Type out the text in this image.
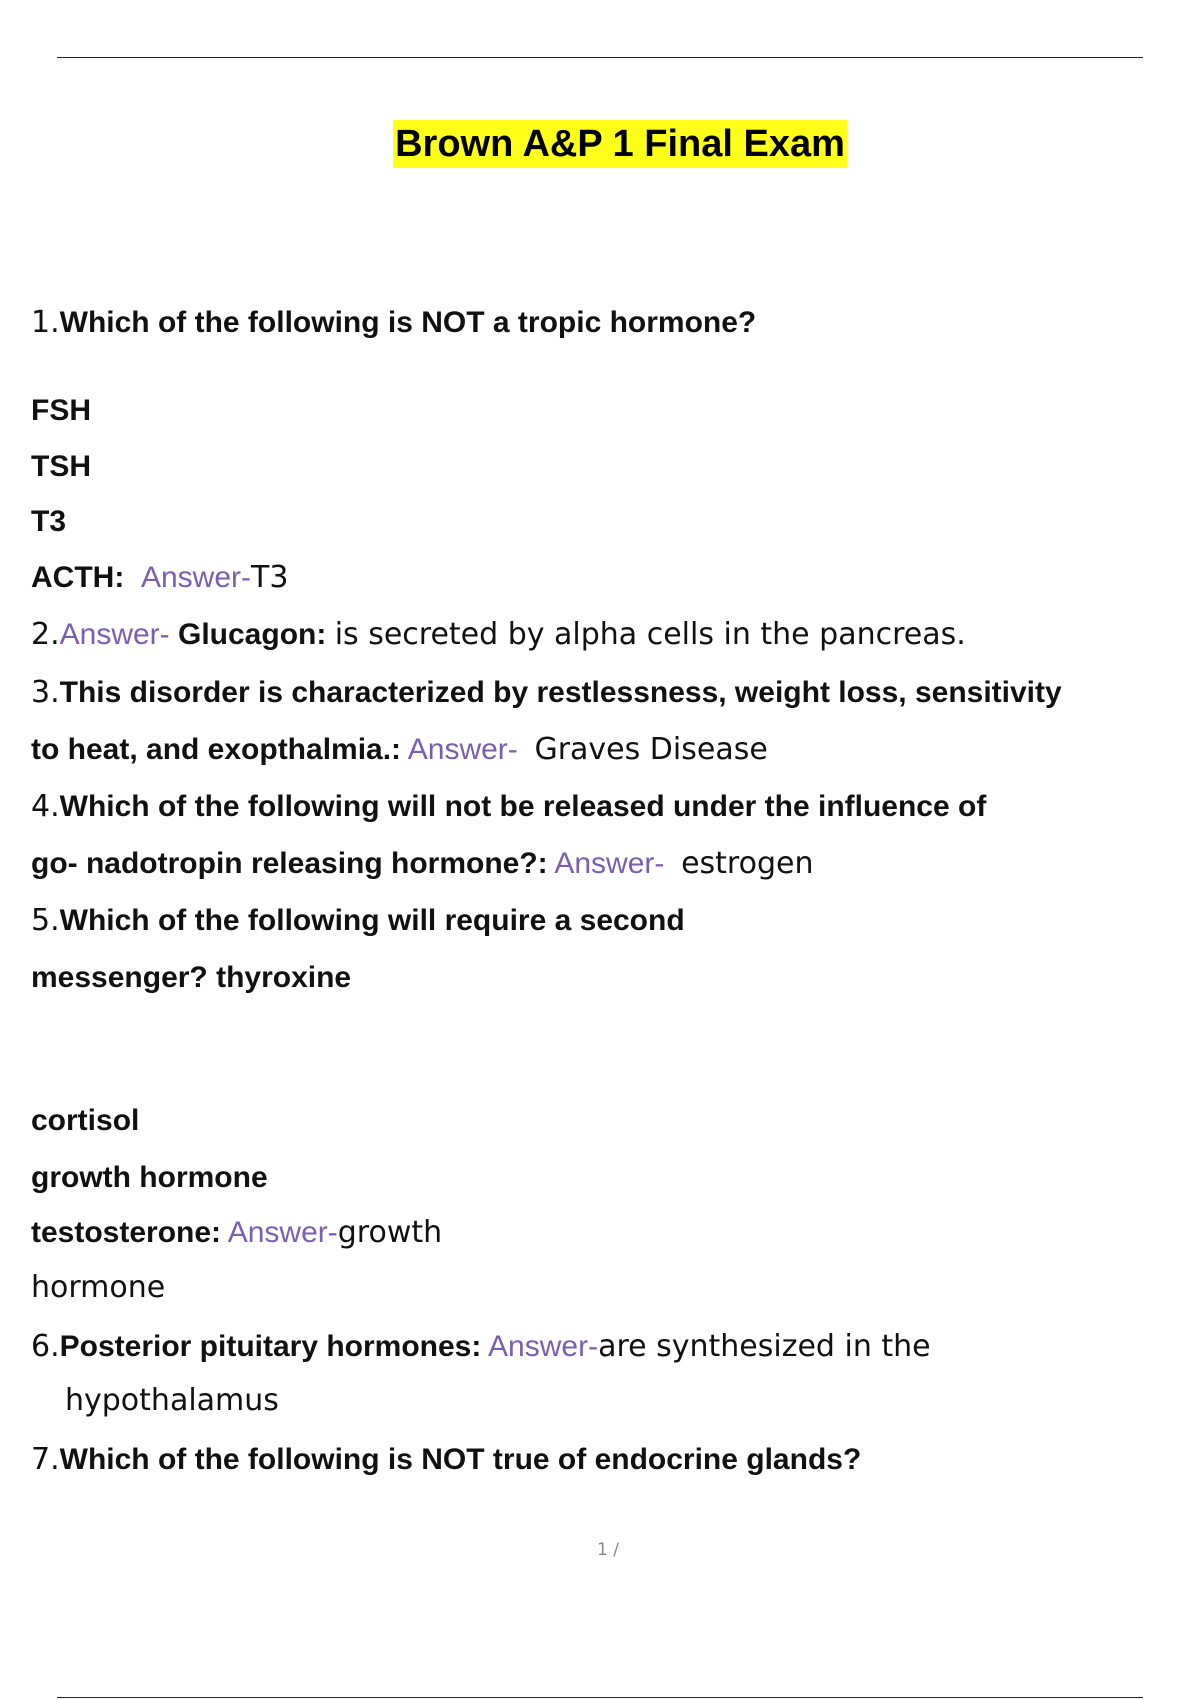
Brown A&P 1 Final Exam
1.Which of the following is NOT a tropic hormone?
FSH
TSH
T3
ACTH: Answer-T3
2.Answer- Glucagon: is secreted by alpha cells in the pancreas.
3.This disorder is characterized by restlessness, weight loss, sensitivity
to heat, and exopthalmia.: Answer- Graves Disease
4.Which of the following will not be released under the influence of
go- nadotropin releasing hormone?: Answer- estrogen
5.Which of the following will require a second
messenger? thyroxine
cortisol
growth hormone
testosterone: Answer-growth
hormone
6.Posterior pituitary hormones: Answer-are synthesized in the
hypothalamus
7.Which of the following is NOT true of endocrine glands?
1 /
